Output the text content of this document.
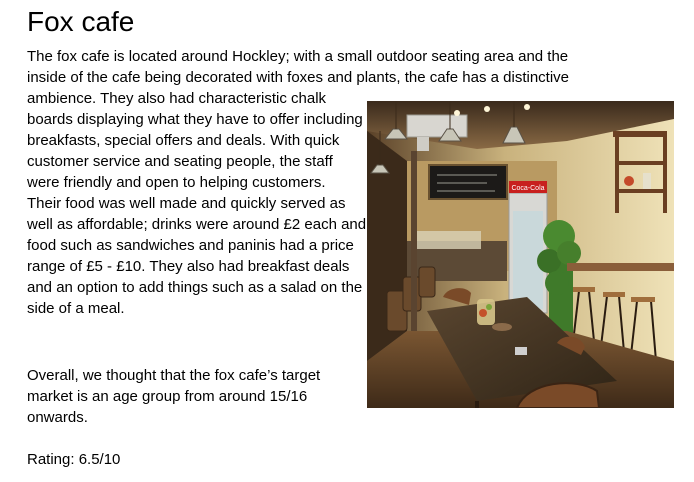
Fox cafe

The fox cafe is located around Hockley; with a small outdoor seating area and the
inside of the cafe being decorated with foxes and plants, the cafe has a distinctive

ambience. They also had characteristic chalk boards displaying what they have to offer including breakfasts, special offers and deals. With quick customer service and seating people, the staff were friendly and open to helping customers.
Their food was well made and quickly served as well as affordable; drinks were around £2 each and food such as sandwiches and paninis had a price range of £5 - £10. They also had breakfast deals and an option to add things such as a salad on the side of a meal.

Overall, we thought that the fox cafe’s target market is an age group from around 15/16 onwards.

Rating: 6.5/10

Coca-Cola
